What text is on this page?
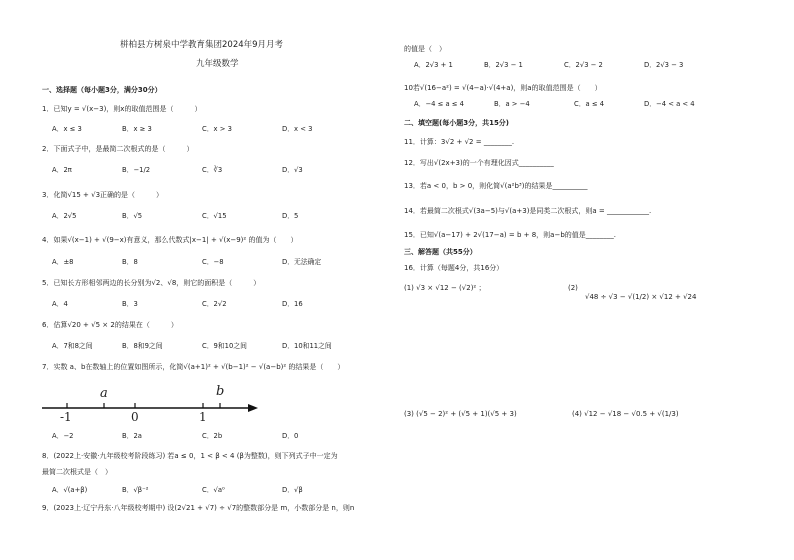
栟柏县方树泉中学教育集团2024年9月月考
九年级数学
一、选择题（每小题3分，满分30分）
1．已知y = √(x−3)，则x的取值范围是（　　　）
A．x ≤ 3	B．x ≥ 3	C．x > 3	D．x < 3
2．下面式子中，是最简二次根式的是（　　　）
A．2π	B．−1/2	C．∛3	D．√3
3．化简√15 + √3正确的是（　　　）
A．2√5	B．√5	C．√15	D．5
4．如果√(x−1) + √(9−x)有意义，那么代数式|x−1| + √(x−9)² 的值为（　　）
A．±8	B．8	C．−8	D．无法确定
5．已知长方形相邻两边的长分别为√2、√8，则它的面积是（　　　）
A．4	B．3	C．2√2	D．16
6．估算√20 + √5 × 2的结果在（　　　）
A．7和8之间	B．8和9之间	C．9和10之间	D．10和11之间
7．实数 a、b在数轴上的位置如图所示，化简√(a+1)² + √(b−1)² − √(a−b)² 的结果是（　　）
a	b
-1	0	1
A．−2	B．2a	C．2b	D．0
8．(2022上·安徽·九年级校考阶段练习) 若a ≤ 0，1 < β < 4 (β为整数)，则下列式子中一定为
最简二次根式是（　）
A．√(a+β)	B．√β⁻²	C．√a⁰	D．√β
9．(2023上·辽宁丹东·八年级校考期中) 设(2√21 + √7) ÷ √7的整数部分是 m，小数部分是 n，则n
的值是（　）
A．2√3 + 1	B．2√3 − 1	C．2√3 − 2	D．2√3 − 3
10若√(16−a²) = √(4−a)·√(4+a)，则a的取值范围是（　　）
A．−4 ≤ a ≤ 4	B．a > −4	C．a ≤ 4	D．−4 < a < 4
二、填空题(每小题3分，共15分)
11．计算：3√2 + √2 = ________.
12．写出√(2x+3)的一个有理化因式__________
13．若a < 0，b > 0，则化简√(a²b³)的结果是__________
14．若最简二次根式√(3a−5)与√(a+3)是同类二次根式，则a = ____________.
15．已知√(a−17) + 2√(17−a) = b + 8，则a−b的值是________.
三、解答题（共55分）
16．计算（每题4分，共16分）
(1) √3 × √12 − (√2)² ；	(2)
√48 ÷ √3 − √(1/2) × √12 + √24
(3) (√5 − 2)² + (√5 + 1)(√5 + 3)	(4) √12 − √18 − √0.5 + √(1/3)
